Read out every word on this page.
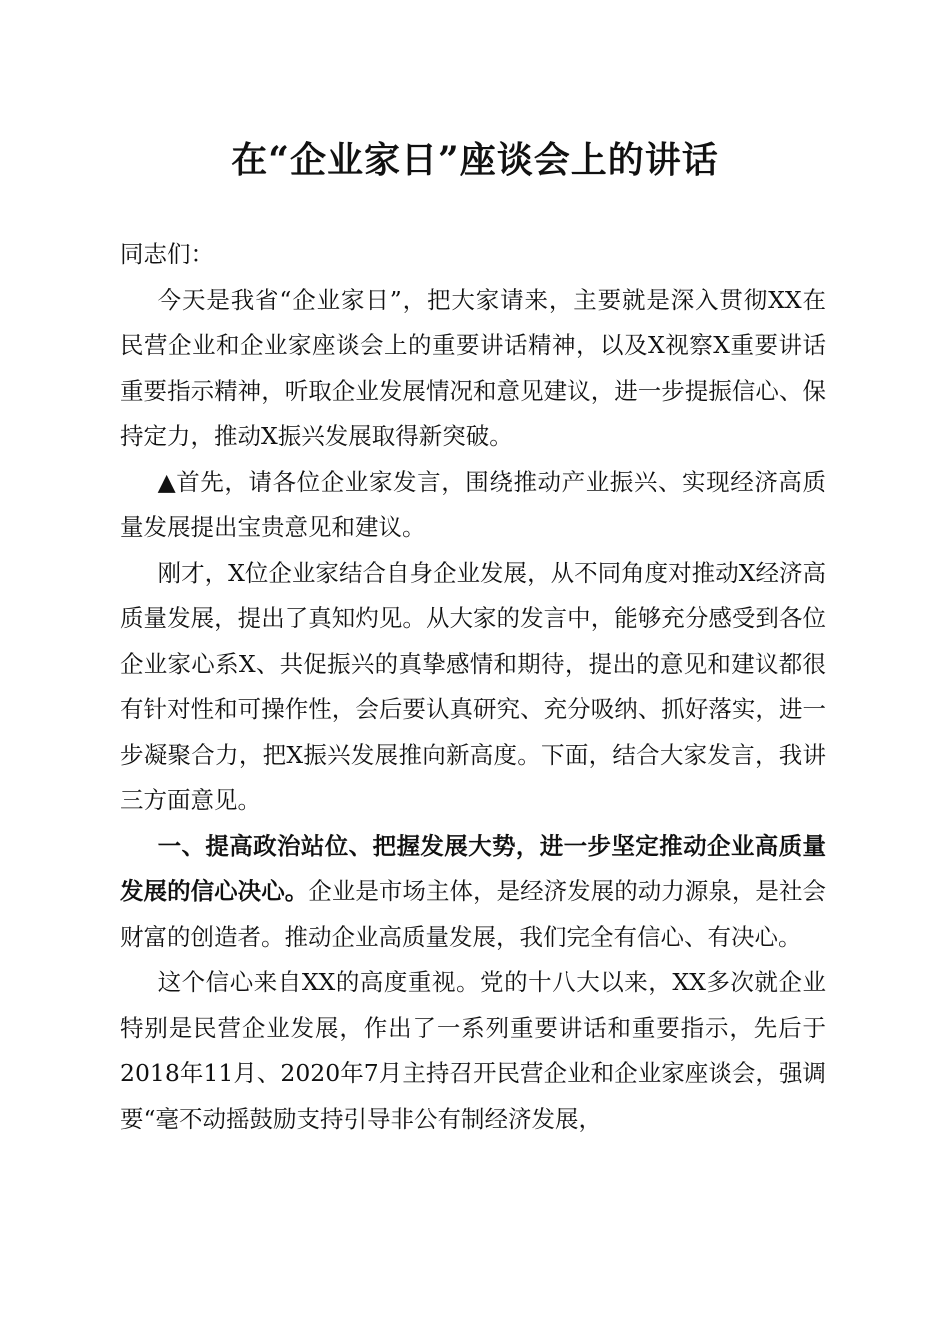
在“企业家日”座谈会上的讲话

同志们：

今天是我省“企业家日”，把大家请来，主要就是深入贯彻XX在民营企业和企业家座谈会上的重要讲话精神，以及X视察X重要讲话重要指示精神，听取企业发展情况和意见建议，进一步提振信心、保持定力，推动X振兴发展取得新突破。

▲首先，请各位企业家发言，围绕推动产业振兴、实现经济高质量发展提出宝贵意见和建议。

刚才，X位企业家结合自身企业发展，从不同角度对推动X经济高质量发展，提出了真知灼见。从大家的发言中，能够充分感受到各位企业家心系X、共促振兴的真挚感情和期待，提出的意见和建议都很有针对性和可操作性，会后要认真研究、充分吸纳、抓好落实，进一步凝聚合力，把X振兴发展推向新高度。下面，结合大家发言，我讲三方面意见。

一、提高政治站位、把握发展大势，进一步坚定推动企业高质量发展的信心决心。企业是市场主体，是经济发展的动力源泉，是社会财富的创造者。推动企业高质量发展，我们完全有信心、有决心。

这个信心来自XX的高度重视。党的十八大以来，XX多次就企业特别是民营企业发展，作出了一系列重要讲话和重要指示，先后于2018年11月、2020年7月主持召开民营企业和企业家座谈会，强调要“毫不动摇鼓励支持引导非公有制经济发展，
